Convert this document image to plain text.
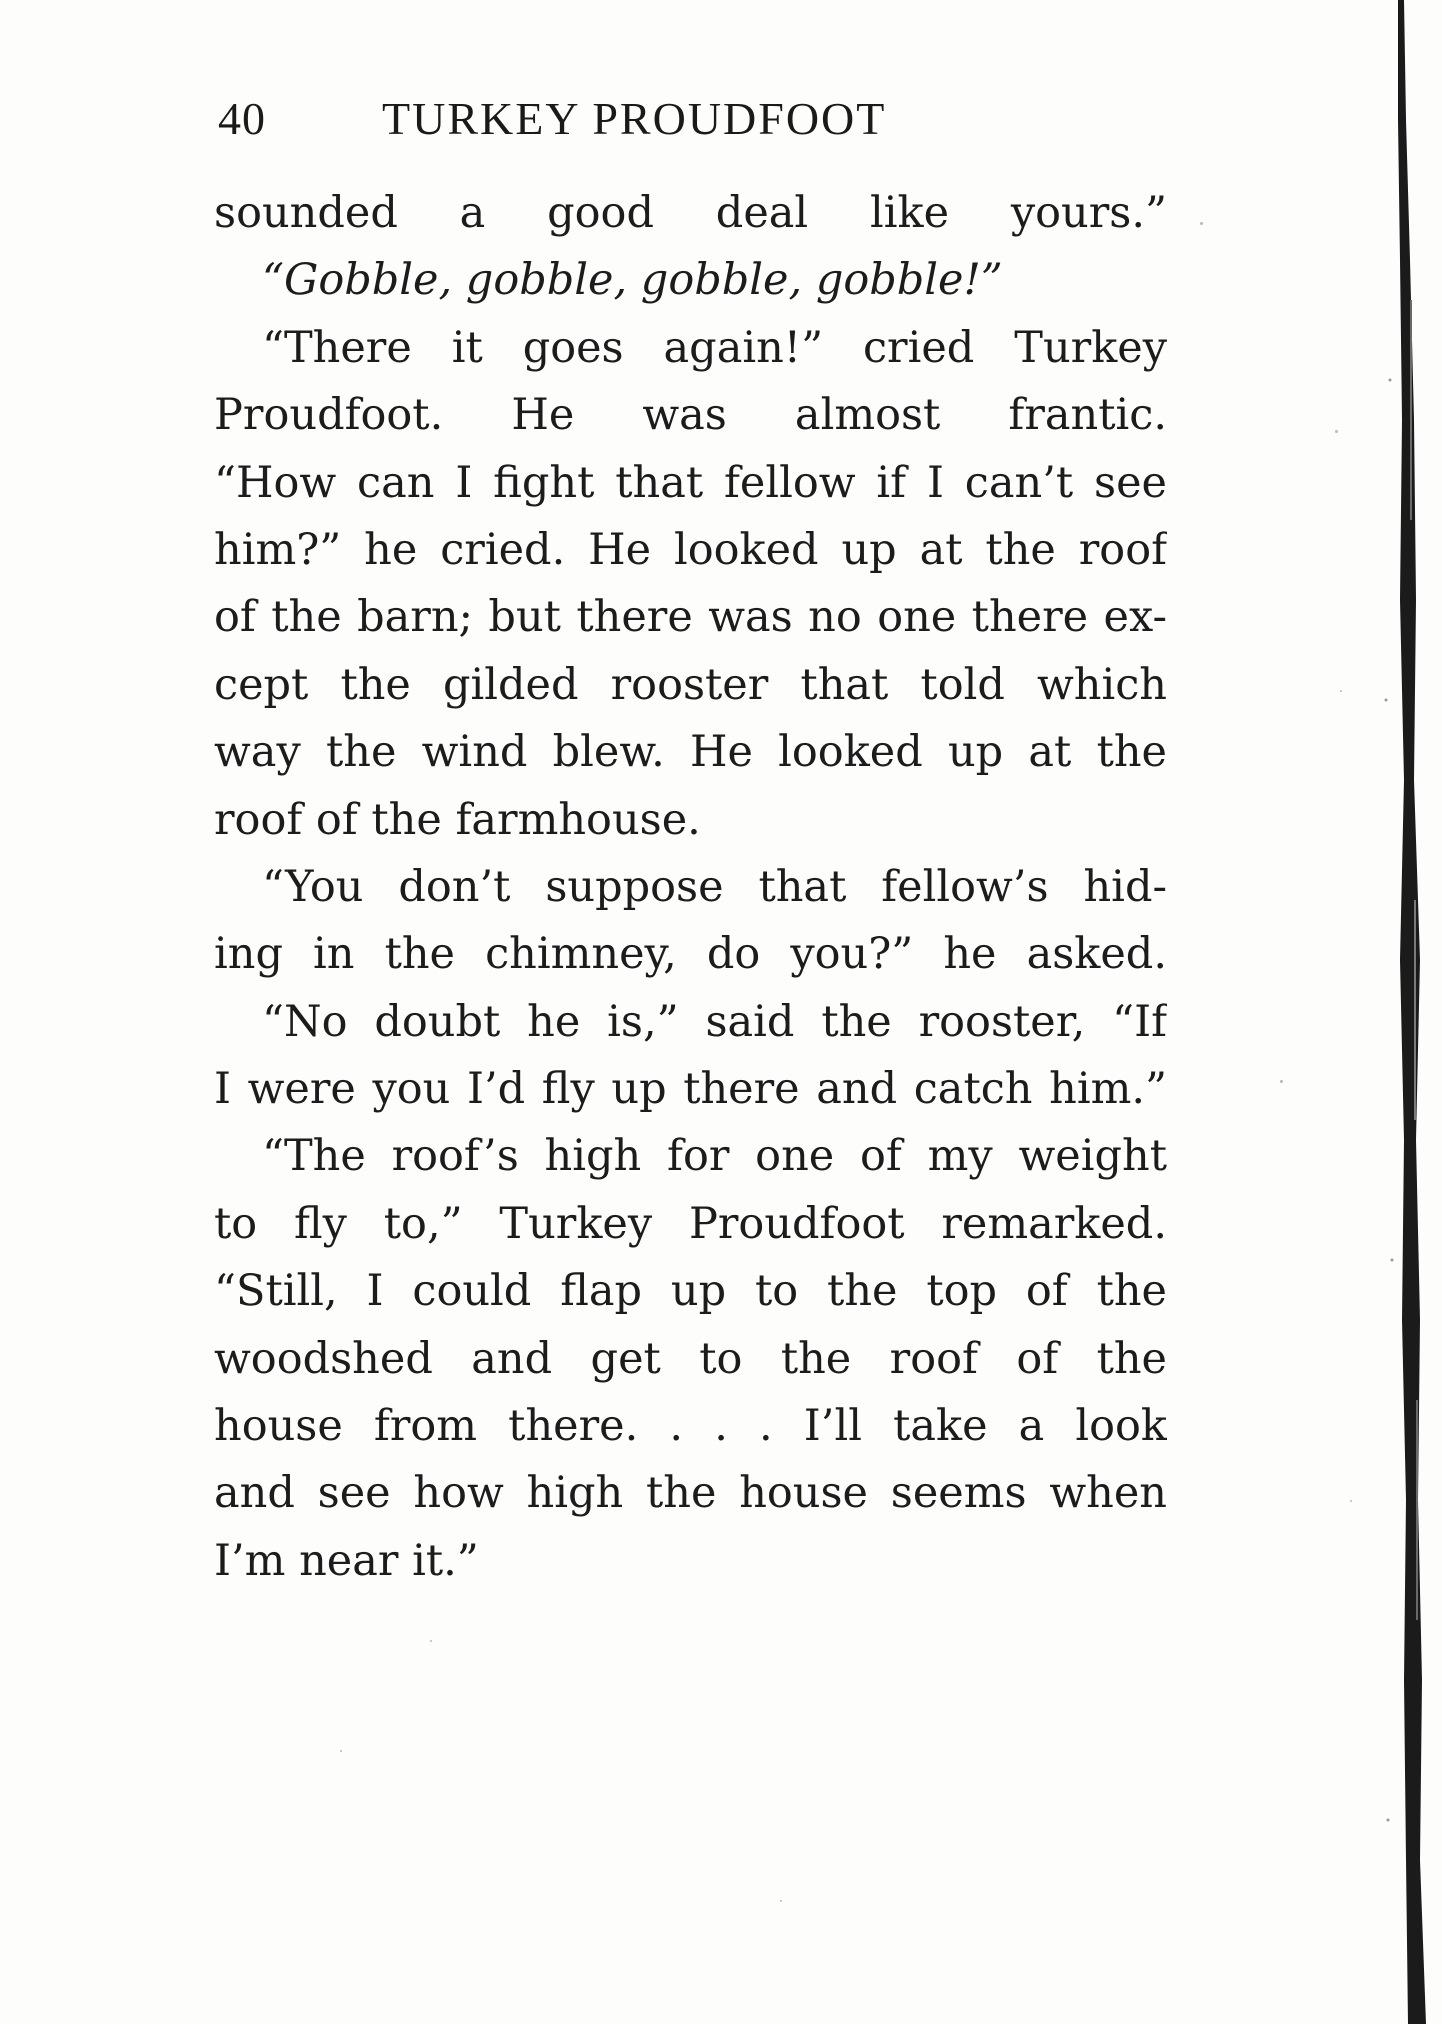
40	TURKEY PROUDFOOT
sounded a good deal like yours.”
“Gobble, gobble, gobble, gobble!”
“There it goes again!” cried Turkey
Proudfoot. He was almost frantic.
“How can I fight that fellow if I can’t see
him?” he cried. He looked up at the roof
of the barn; but there was no one there ex-
cept the gilded rooster that told which
way the wind blew. He looked up at the
roof of the farmhouse.
“You don’t suppose that fellow’s hid-
ing in the chimney, do you?” he asked.
“No doubt he is,” said the rooster, “If
I were you I’d fly up there and catch him.”
“The roof’s high for one of my weight
to fly to,” Turkey Proudfoot remarked.
“Still, I could flap up to the top of the
woodshed and get to the roof of the
house from there. . . . I’ll take a look
and see how high the house seems when
I’m near it.”
